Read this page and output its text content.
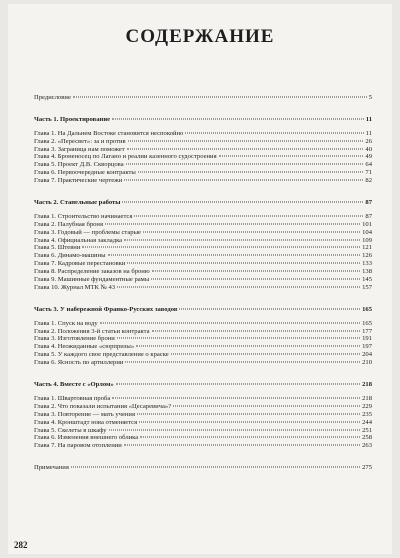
СОДЕРЖАНИЕ
Предисловие	5
Часть 1. Проектирование	11
Глава 1. На Дальнем Востоке становится неспокойно	11
Глава 2. «Пересвет»: за и против	26
Глава 3. Заграница нам поможет	40
Глава 4. Броненосец по Лагано и реалии казенного судостроения	49
Глава 5. Проект Д.В. Скворцова	64
Глава 6. Первоочередные контракты	71
Глава 7. Практические чертежи	82
Часть 2. Стапельные работы	87
Глава 1. Строительство начинается	87
Глава 2. Палубная броня	101
Глава 3. Годовый — проблемы старые	104
Глава 4. Официальная закладка	109
Глава 5. Штевни	121
Глава 6. Динамо-машины	126
Глава 7. Кадровые перестановки	133
Глава 8. Распределение заказов на броню	138
Глава 9. Машинные фундаментные рамы	145
Глава 10. Журнал МТК № 43	157
Часть 3. У набережной Франко-Русских заводов	165
Глава 1. Спуск на воду	165
Глава 2. Положения 3-й статьи контракта	177
Глава 3. Изготовление брони	191
Глава 4. Неожиданные «сюрпризы»	197
Глава 5. У каждого свое представление о краске	204
Глава 6. Ясность по артиллерии	210
Часть 4. Вместе с «Орлом»	218
Глава 1. Швартовная проба	218
Глава 2. Что показали испытания «Цесаревича»?	229
Глава 3. Повторение — мать учения	235
Глава 4. Кронштадт нова отменяется	244
Глава 5. Скелеты в шкафу	251
Глава 6. Изменения внешнего облика	258
Глава 7. На паровом отоплении	263
Примечания	275
282
